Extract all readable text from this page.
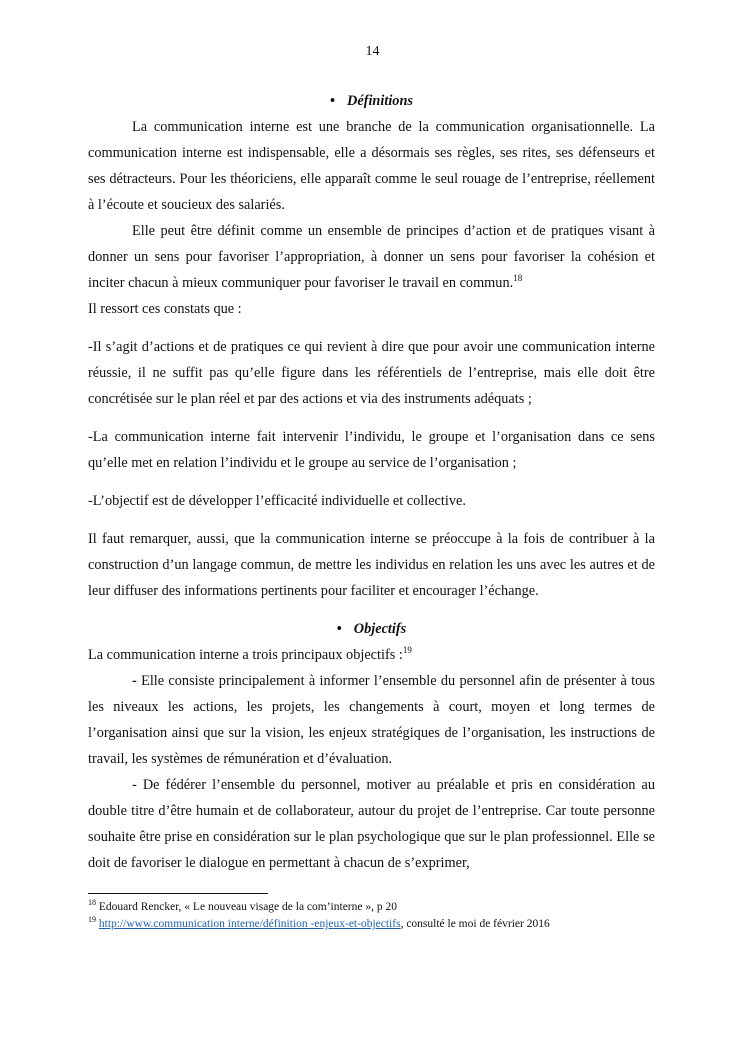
14
• Définitions

La communication interne est une branche de la communication organisationnelle. La communication interne est indispensable, elle a désormais ses règles, ses rites, ses défenseurs et ses détracteurs. Pour les théoriciens, elle apparaît comme le seul rouage de l’entreprise, réellement à l’écoute et soucieux des salariés.

Elle peut être définit comme un ensemble de principes d’action et de pratiques visant à donner un sens pour favoriser l’appropriation, à donner un sens pour favoriser la cohésion et inciter chacun à mieux communiquer pour favoriser le travail en commun.$^{18}$

Il ressort ces constats que :

-Il s’agit d’actions et de pratiques ce qui revient à dire que pour avoir une communication interne réussie, il ne suffit pas qu’elle figure dans les référentiels de l’entreprise, mais elle doit être concrétisée sur le plan réel et par des actions et via des instruments adéquats ;

-La communication interne fait intervenir l’individu, le groupe et l’organisation dans ce sens qu’elle met en relation l’individu et le groupe au service de l’organisation ;

-L’objectif est de développer l’efficacité individuelle et collective.

Il faut remarquer, aussi, que la communication interne se préoccupe à la fois de contribuer à la construction d’un langage commun, de mettre les individus en relation les uns avec les autres et de leur diffuser des informations pertinents pour faciliter et encourager l’échange.

• Objectifs

La communication interne a trois principaux objectifs :$^{19}$

- Elle consiste principalement à informer l’ensemble du personnel afin de présenter à tous les niveaux les actions, les projets, les changements à court, moyen et long termes de l’organisation ainsi que sur la vision, les enjeux stratégiques de l’organisation, les instructions de travail, les systèmes de rémunération et d’évaluation.

- De fédérer l’ensemble du personnel, motiver au préalable et pris en considération au double titre d’être humain et de collaborateur, autour du projet de l’entreprise. Car toute personne souhaite être prise en considération sur le plan psychologique que sur le plan professionnel. Elle se doit de favoriser le dialogue en permettant à chacun de s’exprimer,

$^{18}$ Edouard Rencker, « Le nouveau visage de la com’interne », p 20
$^{19}$ http://www.communication interne/définition -enjeux-et-objectifs, consulté le moi de février 2016
